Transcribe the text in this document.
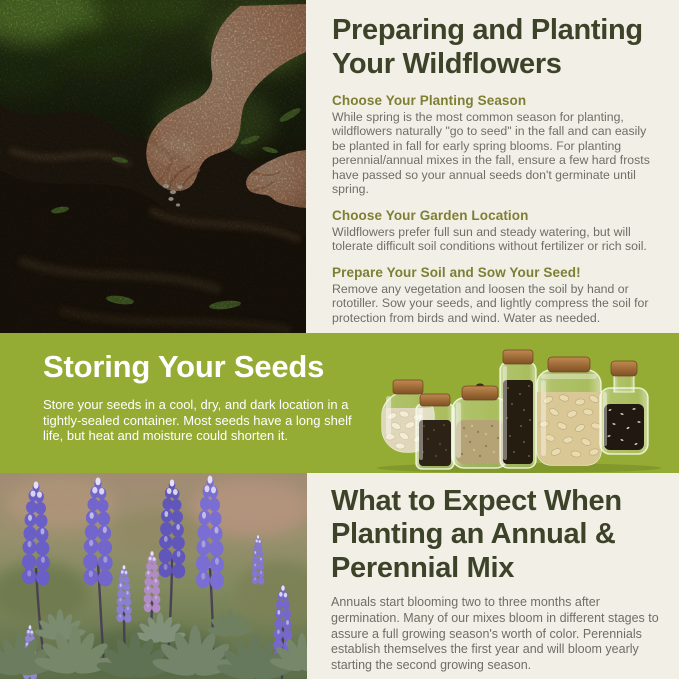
Preparing and Planting
Your Wildflowers
Choose Your Planting Season

While spring is the most common season for planting, wildflowers naturally "go to seed" in the fall and can easily be planted in fall for early spring blooms. For planting perennial/annual mixes in the fall, ensure a few hard frosts have passed so your annual seeds don't germinate until spring.

Choose Your Garden Location

Wildflowers prefer full sun and steady watering, but will tolerate difficult soil conditions without fertilizer or rich soil.

Prepare Your Soil and Sow Your Seed!

Remove any vegetation and loosen the soil by hand or rototiller. Sow your seeds, and lightly compress the soil for protection from birds and wind. Water as needed.

Storing Your Seeds

Store your seeds in a cool, dry, and dark location in a tightly-sealed container. Most seeds have a long shelf life, but heat and moisture could shorten it.

What to Expect When
Planting an Annual &
Perennial Mix

Annuals start blooming two to three months after germination. Many of our mixes bloom in different stages to assure a full growing season's worth of color. Perennials establish themselves the first year and will bloom yearly starting the second growing season.
